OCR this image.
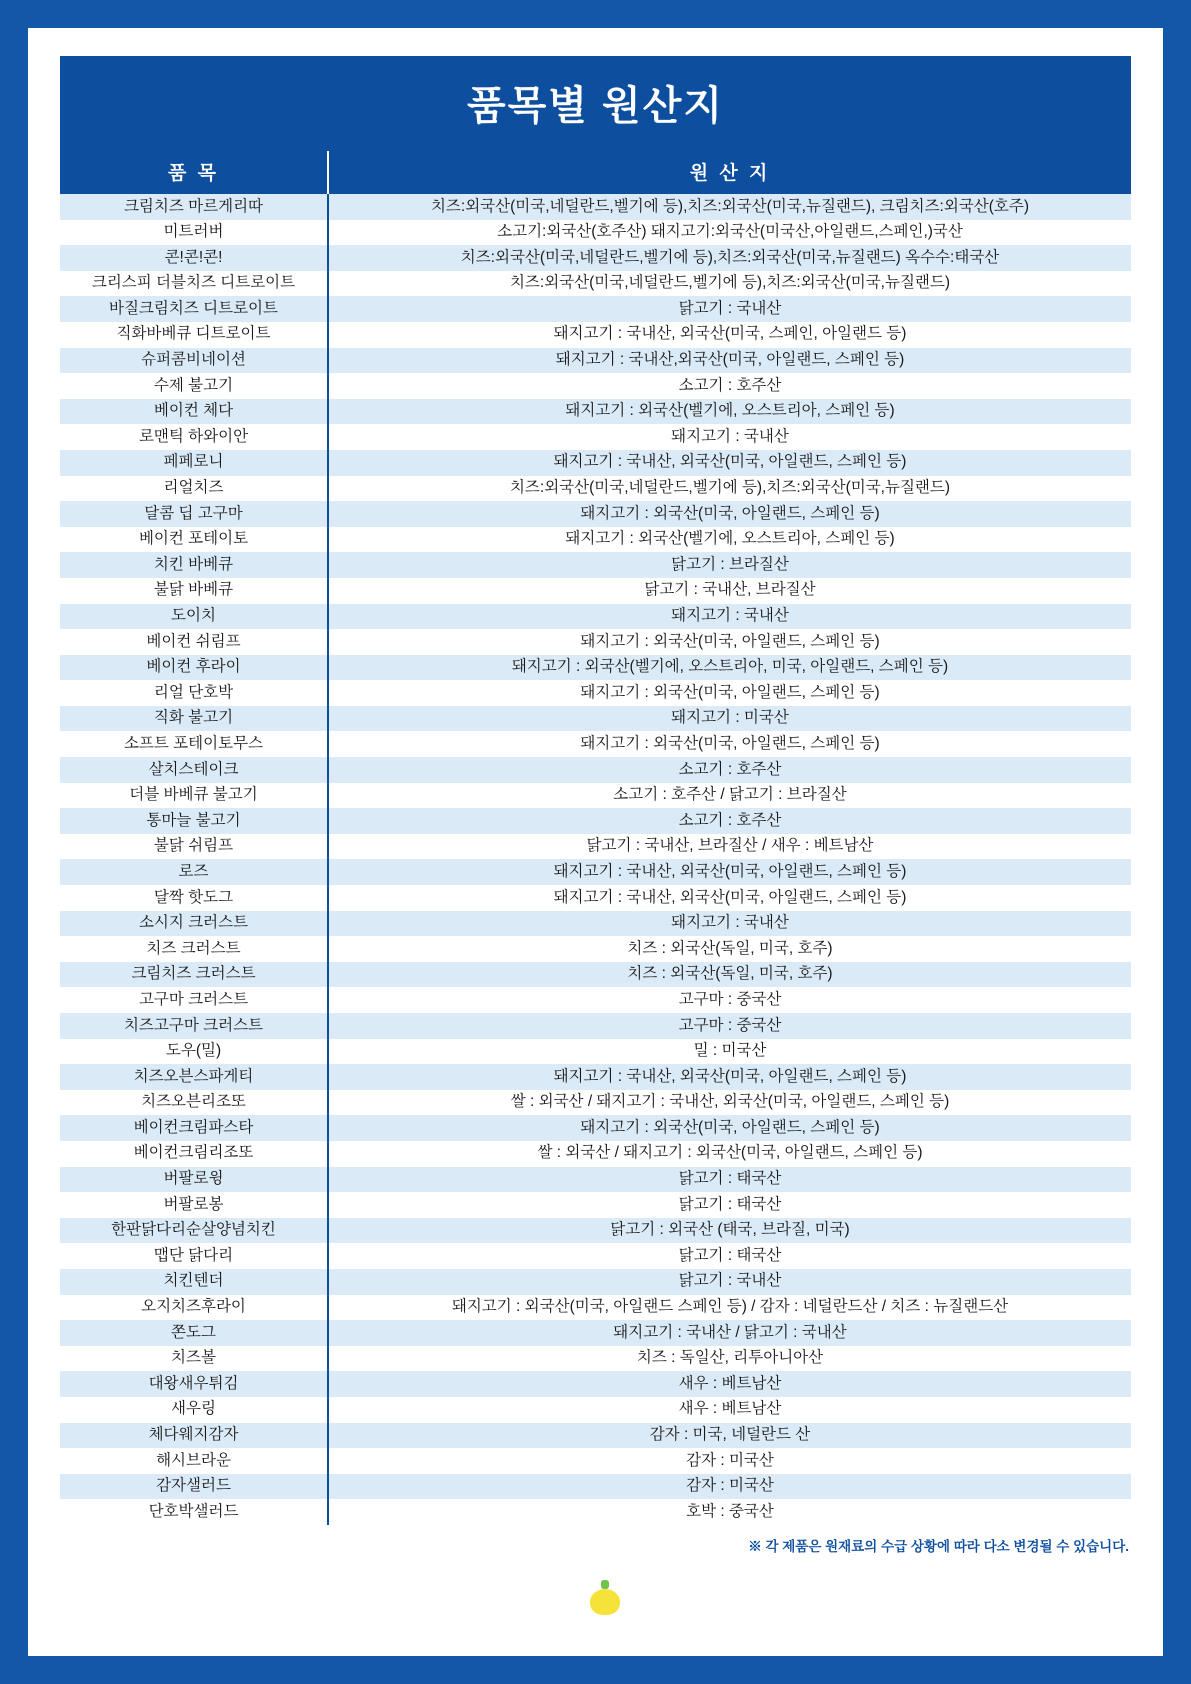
품목별 원산지
품 목	원 산 지
크림치즈 마르게리따	치즈:외국산(미국,네덜란드,벨기에 등),치즈:외국산(미국,뉴질랜드), 크림치즈:외국산(호주)
미트러버	소고기:외국산(호주산) 돼지고기:외국산(미국산,아일랜드,스페인,)국산
콘!콘!콘!	치즈:외국산(미국,네덜란드,벨기에 등),치즈:외국산(미국,뉴질랜드) 옥수수:태국산
크리스피 더블치즈 디트로이트	치즈:외국산(미국,네덜란드,벨기에 등),치즈:외국산(미국,뉴질랜드)
바질크림치즈 디트로이트	닭고기 : 국내산
직화바베큐 디트로이트	돼지고기 : 국내산, 외국산(미국, 스페인, 아일랜드 등)
슈퍼콤비네이션	돼지고기 : 국내산,외국산(미국, 아일랜드, 스페인 등)
수제 불고기	소고기 : 호주산
베이컨 체다	돼지고기 : 외국산(벨기에, 오스트리아, 스페인 등)
로맨틱 하와이안	돼지고기 : 국내산
페페로니	돼지고기 : 국내산, 외국산(미국, 아일랜드, 스페인 등)
리얼치즈	치즈:외국산(미국,네덜란드,벨기에 등),치즈:외국산(미국,뉴질랜드)
달콤 딥 고구마	돼지고기 : 외국산(미국, 아일랜드, 스페인 등)
베이컨 포테이토	돼지고기 : 외국산(벨기에, 오스트리아, 스페인 등)
치킨 바베큐	닭고기 : 브라질산
불닭 바베큐	닭고기 : 국내산, 브라질산
도이치	돼지고기 : 국내산
베이컨 쉬림프	돼지고기 : 외국산(미국, 아일랜드, 스페인 등)
베이컨 후라이	돼지고기 : 외국산(벨기에, 오스트리아, 미국, 아일랜드, 스페인 등)
리얼 단호박	돼지고기 : 외국산(미국, 아일랜드, 스페인 등)
직화 불고기	돼지고기 : 미국산
소프트 포테이토무스	돼지고기 : 외국산(미국, 아일랜드, 스페인 등)
살치스테이크	소고기 : 호주산
더블 바베큐 불고기	소고기 : 호주산 / 닭고기 : 브라질산
통마늘 불고기	소고기 : 호주산
불닭 쉬림프	닭고기 : 국내산, 브라질산 / 새우 : 베트남산
로즈	돼지고기 : 국내산, 외국산(미국, 아일랜드, 스페인 등)
달짝 핫도그	돼지고기 : 국내산, 외국산(미국, 아일랜드, 스페인 등)
소시지 크러스트	돼지고기 : 국내산
치즈 크러스트	치즈 : 외국산(독일, 미국, 호주)
크림치즈 크러스트	치즈 : 외국산(독일, 미국, 호주)
고구마 크러스트	고구마 : 중국산
치즈고구마 크러스트	고구마 : 중국산
도우(밀)	밀 : 미국산
치즈오븐스파게티	돼지고기 : 국내산, 외국산(미국, 아일랜드, 스페인 등)
치즈오븐리조또	쌀 : 외국산 / 돼지고기 : 국내산, 외국산(미국, 아일랜드, 스페인 등)
베이컨크림파스타	돼지고기 : 외국산(미국, 아일랜드, 스페인 등)
베이컨크림리조또	쌀 : 외국산 / 돼지고기 : 외국산(미국, 아일랜드, 스페인 등)
버팔로윙	닭고기 : 태국산
버팔로봉	닭고기 : 태국산
한판닭다리순살양념치킨	닭고기 : 외국산 (태국, 브라질, 미국)
맵단 닭다리	닭고기 : 태국산
치킨텐더	닭고기 : 국내산
오지치즈후라이	돼지고기 : 외국산(미국, 아일랜드 스페인 등) / 감자 : 네덜란드산 / 치즈 : 뉴질랜드산
쫀도그	돼지고기 : 국내산 / 닭고기 : 국내산
치즈볼	치즈 : 독일산, 리투아니아산
대왕새우튀김	새우 : 베트남산
새우링	새우 : 베트남산
체다웨지감자	감자 : 미국, 네덜란드 산
해시브라운	감자 : 미국산
감자샐러드	감자 : 미국산
단호박샐러드	호박 : 중국산
※ 각 제품은 원재료의 수급 상황에 따라 다소 변경될 수 있습니다.
A PIZZA  HOUSE
피자파는집
